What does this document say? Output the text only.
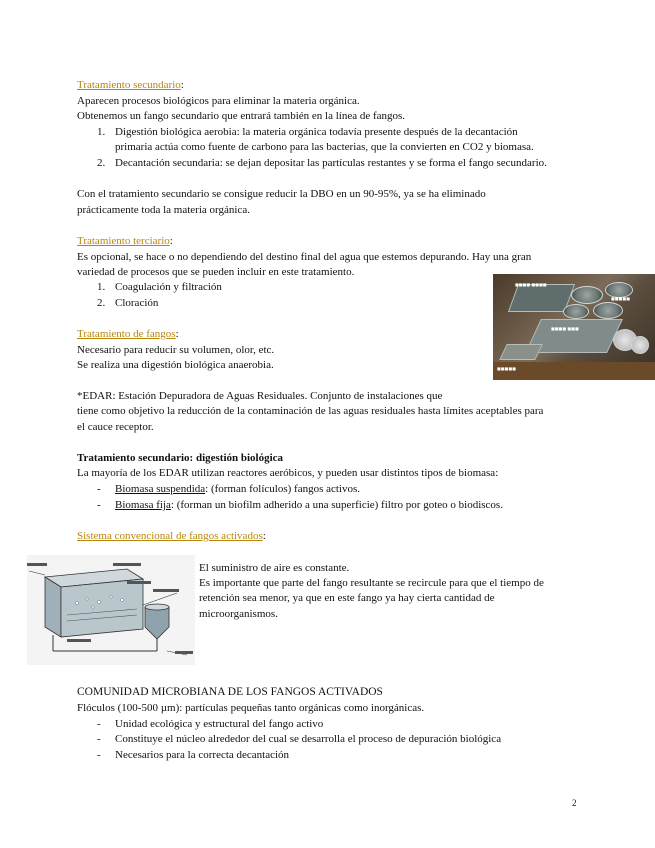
Tratamiento secundario:
Aparecen procesos biológicos para eliminar la materia orgánica.
Obtenemos un fango secundario que entrará también en la línea de fangos.
1. Digestión biológica aerobia: la materia orgánica todavía presente después de la decantación
primaria actúa como fuente de carbono para las bacterias, que la convierten en CO2 y biomasa.
2. Decantación secundaria: se dejan depositar las partículas restantes y se forma el fango secundario.
Con el tratamiento secundario se consigue reducir la DBO en un 90-95%, ya se ha eliminado
prácticamente toda la materia orgánica.
Tratamiento terciario:
Es opcional, se hace o no dependiendo del destino final del agua que estemos depurando. Hay una gran
variedad de procesos que se pueden incluir en este tratamiento.
1. Coagulación y filtración
2. Cloración
■■■■ ■■■■
■■■■■
■■■■ ■■■
■■■■■
Tratamiento de fangos:
Necesario para reducir su volumen, olor, etc.
Se realiza una digestión biológica anaerobia.
*EDAR: Estación Depuradora de Aguas Residuales. Conjunto de instalaciones que
tiene como objetivo la reducción de la contaminación de las aguas residuales hasta límites aceptables para
el cauce receptor.
Tratamiento secundario: digestión biológica
La mayoría de los EDAR utilizan reactores aeróbicos, y pueden usar distintos tipos de biomasa:
- Biomasa suspendida: (forman folículos) fangos activos.
- Biomasa fija: (forman un biofilm adherido a una superficie) filtro por goteo o biodiscos.
Sistema convencional de fangos activados:
El suministro de aire es constante.
Es importante que parte del fango resultante se recircule para que el tiempo de
retención sea menor, ya que en este fango ya hay cierta cantidad de
microorganismos.
COMUNIDAD MICROBIANA DE LOS FANGOS ACTIVADOS
Flóculos (100-500 µm): partículas pequeñas tanto orgánicas como inorgánicas.
- Unidad ecológica y estructural del fango activo
- Constituye el núcleo alrededor del cual se desarrolla el proceso de depuración biológica
- Necesarios para la correcta decantación
2
